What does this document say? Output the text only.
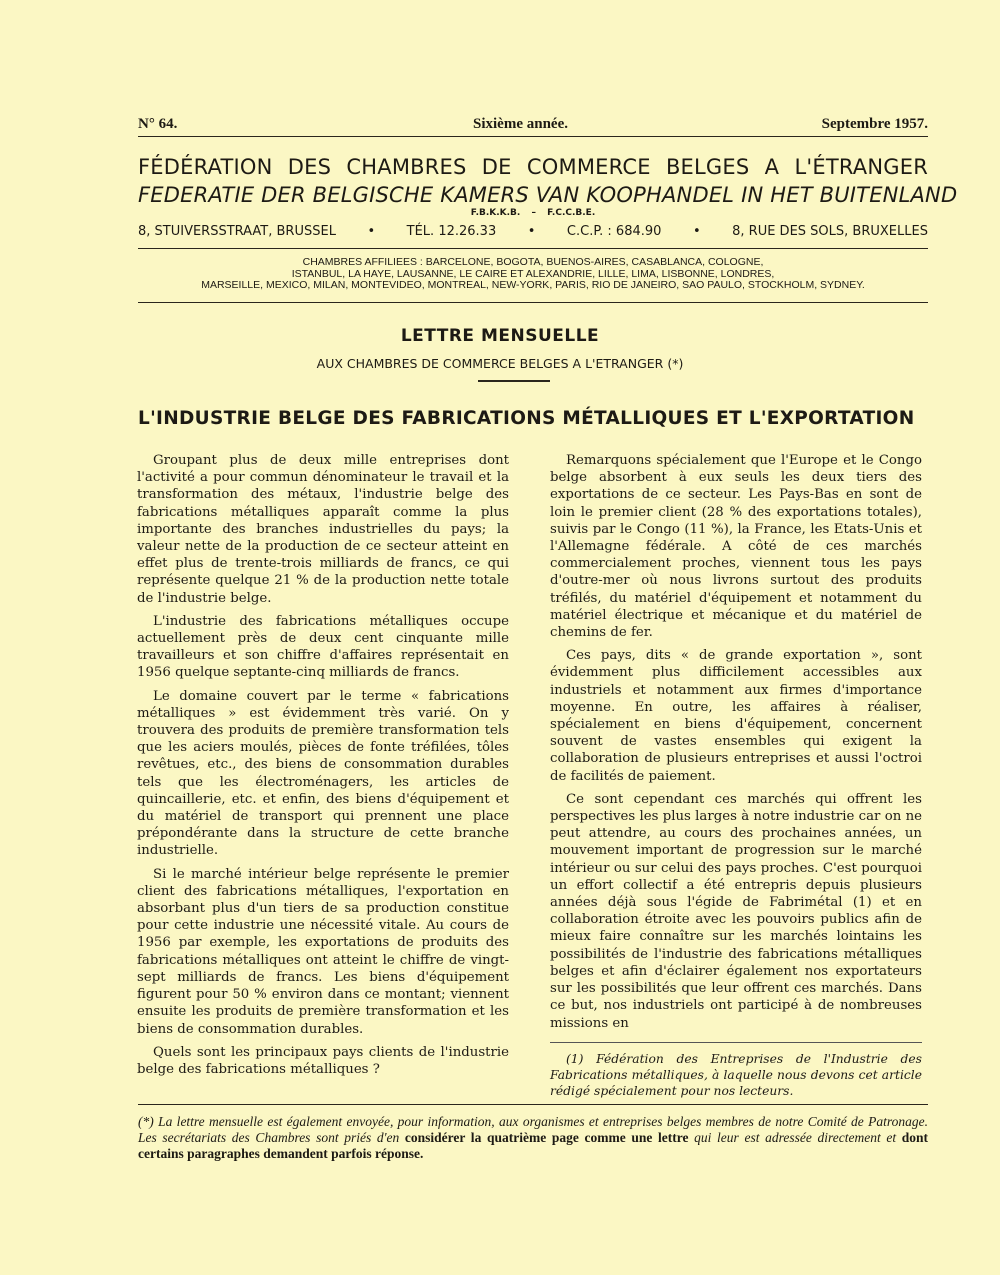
N° 64.	Sixième année.	Septembre 1957.
FÉDÉRATION DES CHAMBRES DE COMMERCE BELGES A L'ÉTRANGER
FEDERATIE DER BELGISCHE KAMERS VAN KOOPHANDEL IN HET BUITENLAND
F.B.K.K.B. – F.C.C.B.E.
8, STUIVERSSTRAAT, BRUSSEL • TÉL. 12.26.33 • C.C.P. : 684.90 • 8, RUE DES SOLS, BRUXELLES
CHAMBRES AFFILIEES : BARCELONE, BOGOTA, BUENOS-AIRES, CASABLANCA, COLOGNE,
ISTANBUL, LA HAYE, LAUSANNE, LE CAIRE ET ALEXANDRIE, LILLE, LIMA, LISBONNE, LONDRES,
MARSEILLE, MEXICO, MILAN, MONTEVIDEO, MONTREAL, NEW-YORK, PARIS, RIO DE JANEIRO, SAO PAULO, STOCKHOLM, SYDNEY.
LETTRE MENSUELLE
AUX CHAMBRES DE COMMERCE BELGES A L'ETRANGER (*)
L'INDUSTRIE BELGE DES FABRICATIONS MÉTALLIQUES ET L'EXPORTATION

Groupant plus de deux mille entreprises dont l'activité a pour commun dénominateur le travail et la transformation des métaux, l'industrie belge des fabrications métalliques apparaît comme la plus importante des branches industrielles du pays; la valeur nette de la production de ce secteur atteint en effet plus de trente-trois milliards de francs, ce qui représente quelque 21 % de la production nette totale de l'industrie belge.

L'industrie des fabrications métalliques occupe actuellement près de deux cent cinquante mille travailleurs et son chiffre d'affaires représentait en 1956 quelque septante-cinq milliards de francs.

Le domaine couvert par le terme « fabrications métalliques » est évidemment très varié. On y trouvera des produits de première transformation tels que les aciers moulés, pièces de fonte tréfilées, tôles revêtues, etc., des biens de consommation durables tels que les électroménagers, les articles de quincaillerie, etc. et enfin, des biens d'équipement et du matériel de transport qui prennent une place prépondérante dans la structure de cette branche industrielle.

Si le marché intérieur belge représente le premier client des fabrications métalliques, l'exportation en absorbant plus d'un tiers de sa production constitue pour cette industrie une nécessité vitale. Au cours de 1956 par exemple, les exportations de produits des fabrications métalliques ont atteint le chiffre de vingt-sept milliards de francs. Les biens d'équipement figurent pour 50 % environ dans ce montant; viennent ensuite les produits de première transformation et les biens de consommation durables.

Quels sont les principaux pays clients de l'industrie belge des fabrications métalliques ?

Remarquons spécialement que l'Europe et le Congo belge absorbent à eux seuls les deux tiers des exportations de ce secteur. Les Pays-Bas en sont de loin le premier client (28 % des exportations totales), suivis par le Congo (11 %), la France, les Etats-Unis et l'Allemagne fédérale. A côté de ces marchés commercialement proches, viennent tous les pays d'outre-mer où nous livrons surtout des produits tréfilés, du matériel d'équipement et notamment du matériel électrique et mécanique et du matériel de chemins de fer.

Ces pays, dits « de grande exportation », sont évidemment plus difficilement accessibles aux industriels et notamment aux firmes d'importance moyenne. En outre, les affaires à réaliser, spécialement en biens d'équipement, concernent souvent de vastes ensembles qui exigent la collaboration de plusieurs entreprises et aussi l'octroi de facilités de paiement.

Ce sont cependant ces marchés qui offrent les perspectives les plus larges à notre industrie car on ne peut attendre, au cours des prochaines années, un mouvement important de progression sur le marché intérieur ou sur celui des pays proches. C'est pourquoi un effort collectif a été entrepris depuis plusieurs années déjà sous l'égide de Fabrimétal (1) et en collaboration étroite avec les pouvoirs publics afin de mieux faire connaître sur les marchés lointains les possibilités de l'industrie des fabrications métalliques belges et afin d'éclairer également nos exportateurs sur les possibilités que leur offrent ces marchés. Dans ce but, nos industriels ont participé à de nombreuses missions en

(1) Fédération des Entreprises de l'Industrie des Fabrications métalliques, à laquelle nous devons cet article rédigé spécialement pour nos lecteurs.

(*) La lettre mensuelle est également envoyée, pour information, aux organismes et entreprises belges membres de notre Comité de Patronage. Les secrétariats des Chambres sont priés d'en considérer la quatrième page comme une lettre qui leur est adressée directement et dont certains paragraphes demandent parfois réponse.
